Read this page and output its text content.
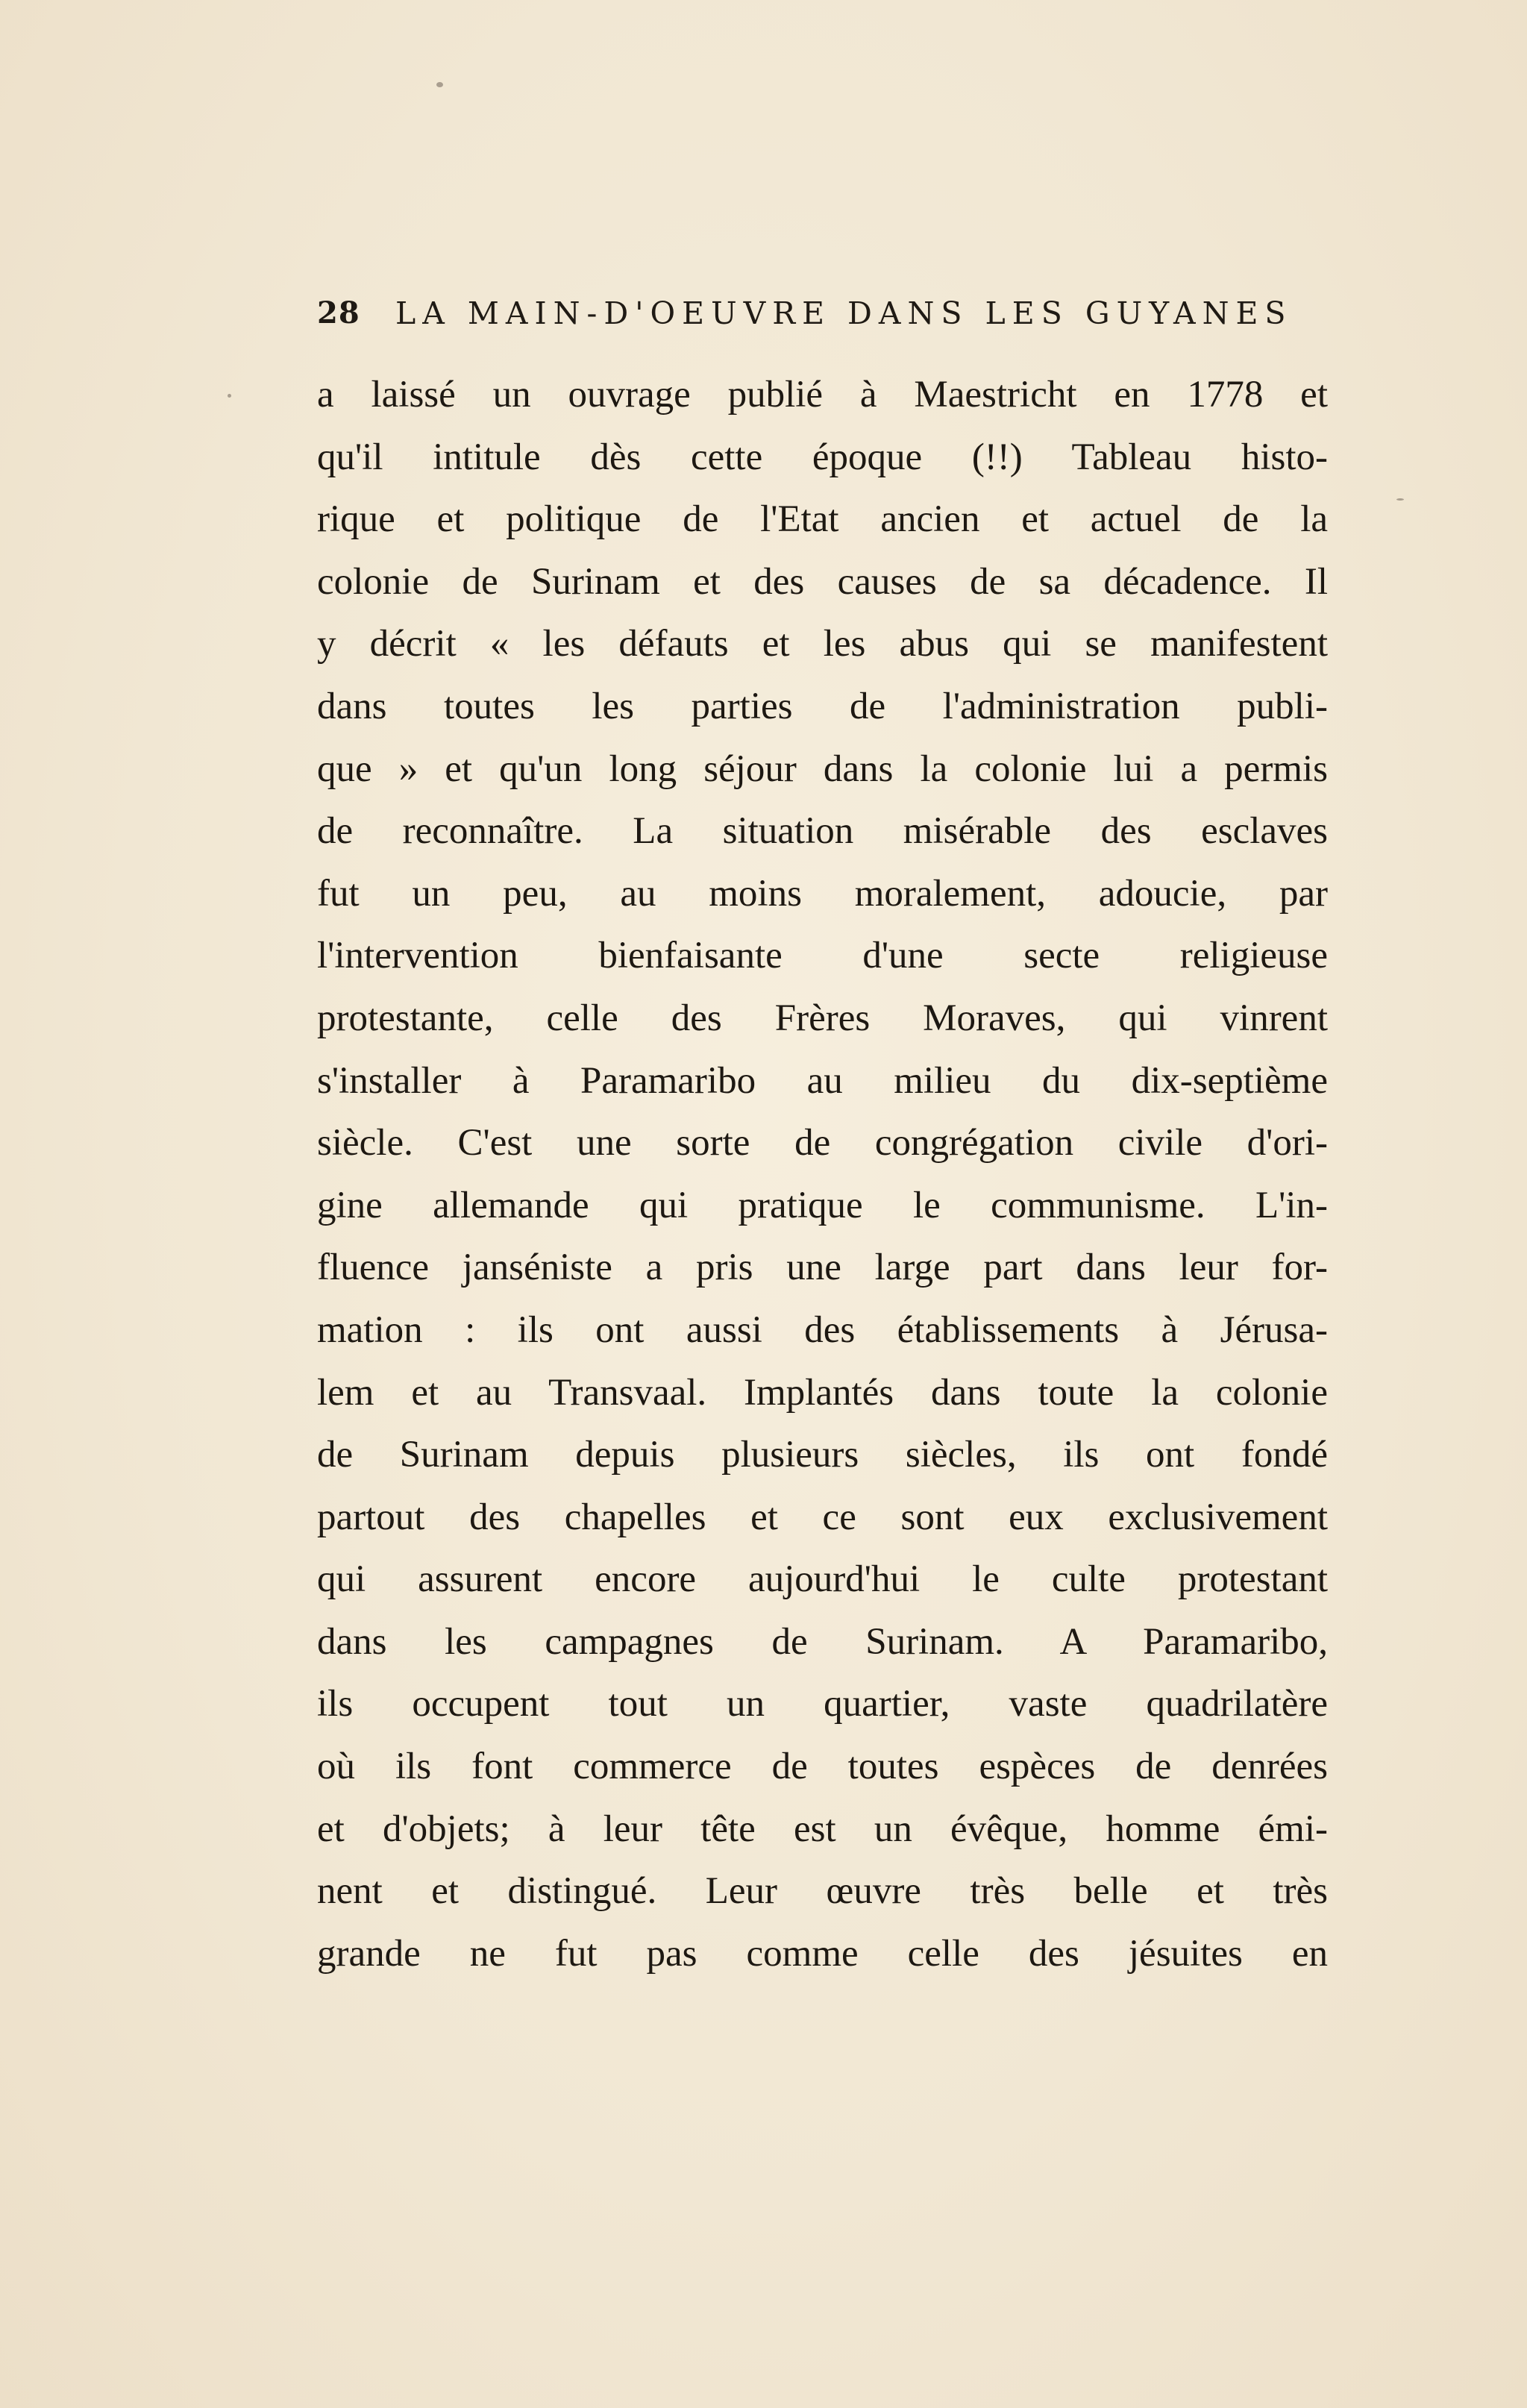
28 LA MAIN-D'OEUVRE DANS LES GUYANES
a laissé un ouvrage publié à Maestricht en 1778 et
qu'il intitule dès cette époque (!!) Tableau histo-
rique et politique de l'Etat ancien et actuel de la
colonie de Surinam et des causes de sa décadence. Il
y décrit « les défauts et les abus qui se manifestent
dans toutes les parties de l'administration publi-
que » et qu'un long séjour dans la colonie lui a permis
de reconnaître. La situation misérable des esclaves
fut un peu, au moins moralement, adoucie, par
l'intervention bienfaisante d'une secte religieuse
protestante, celle des Frères Moraves, qui vinrent
s'installer à Paramaribo au milieu du dix-septième
siècle. C'est une sorte de congrégation civile d'ori-
gine allemande qui pratique le communisme. L'in-
fluence janséniste a pris une large part dans leur for-
mation : ils ont aussi des établissements à Jérusa-
lem et au Transvaal. Implantés dans toute la colonie
de Surinam depuis plusieurs siècles, ils ont fondé
partout des chapelles et ce sont eux exclusivement
qui assurent encore aujourd'hui le culte protestant
dans les campagnes de Surinam. A Paramaribo,
ils occupent tout un quartier, vaste quadrilatère
où ils font commerce de toutes espèces de denrées
et d'objets; à leur tête est un évêque, homme émi-
nent et distingué. Leur œuvre très belle et très
grande ne fut pas comme celle des jésuites en
